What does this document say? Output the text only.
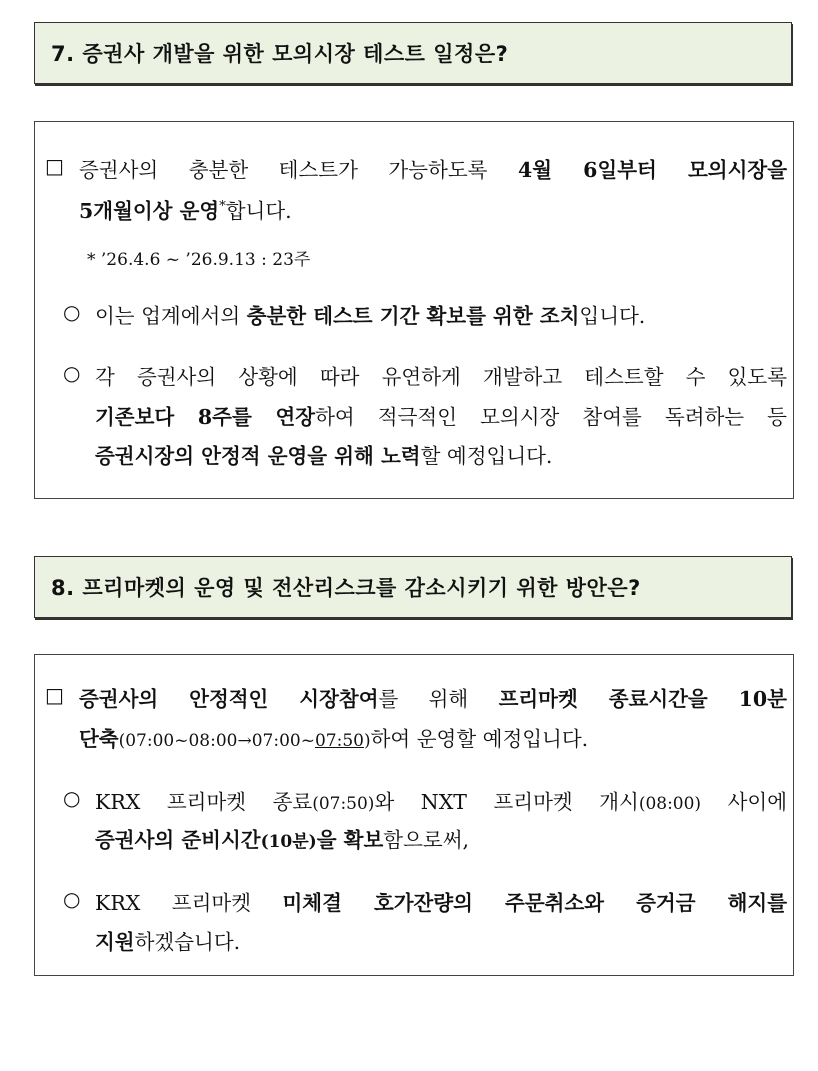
7. 증권사 개발을 위한 모의시장 테스트 일정은?
□ 증권사의 충분한 테스트가 가능하도록 4월 6일부터 모의시장을
5개월이상 운영*합니다.
* ’26.4.6 ~ ’26.9.13 : 23주
○ 이는 업계에서의 충분한 테스트 기간 확보를 위한 조치입니다.
○ 각 증권사의 상황에 따라 유연하게 개발하고 테스트할 수 있도록
기존보다 8주를 연장하여 적극적인 모의시장 참여를 독려하는 등
증권시장의 안정적 운영을 위해 노력할 예정입니다.
8. 프리마켓의 운영 및 전산리스크를 감소시키기 위한 방안은?
□ 증권사의 안정적인 시장참여를 위해 프리마켓 종료시간을 10분
단축(07:00~08:00→07:00~07:50)하여 운영할 예정입니다.
○ KRX 프리마켓 종료(07:50)와 NXT 프리마켓 개시(08:00) 사이에
증권사의 준비시간(10분)을 확보함으로써,
○ KRX 프리마켓 미체결 호가잔량의 주문취소와 증거금 해지를
지원하겠습니다.
